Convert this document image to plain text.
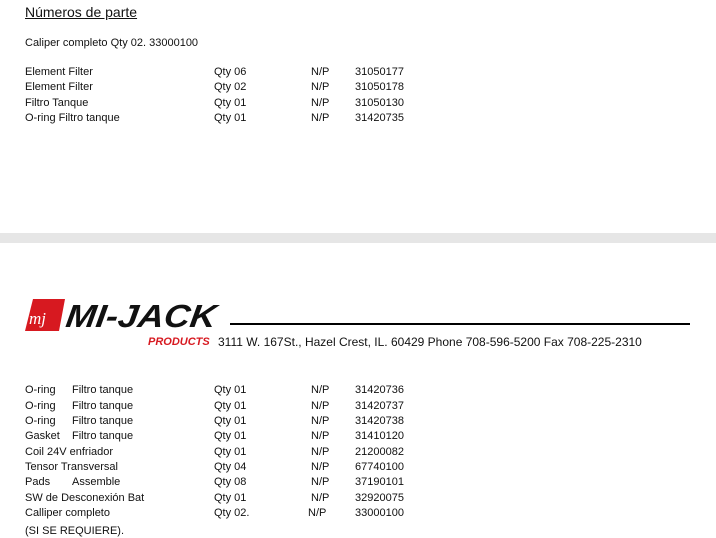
Números de parte
Caliper completo Qty 02. 33000100
Element Filter	Qty 06	N/P 31050177
Element Filter	Qty 02	N/P 31050178
Filtro Tanque	Qty 01	N/P 31050130
O-ring Filtro tanque	Qty 01	N/P 31420735
mj MI-JACK
PRODUCTS 3111 W. 167St., Hazel Crest, IL. 60429 Phone 708-596-5200 Fax 708-225-2310
O-ring Filtro tanque	Qty 01	N/P 31420736
O-ring Filtro tanque	Qty 01	N/P 31420737
O-ring Filtro tanque	Qty 01	N/P 31420738
Gasket Filtro tanque	Qty 01	N/P 31410120
Coil 24V enfriador	Qty 01	N/P 21200082
Tensor Transversal	Qty 04	N/P 67740100
Pads Assemble	Qty 08	N/P 37190101
SW de Desconexión Bat	Qty 01	N/P 32920075
Calliper completo	Qty 02.	N/P	33000100
(SI SE REQUIERE).
